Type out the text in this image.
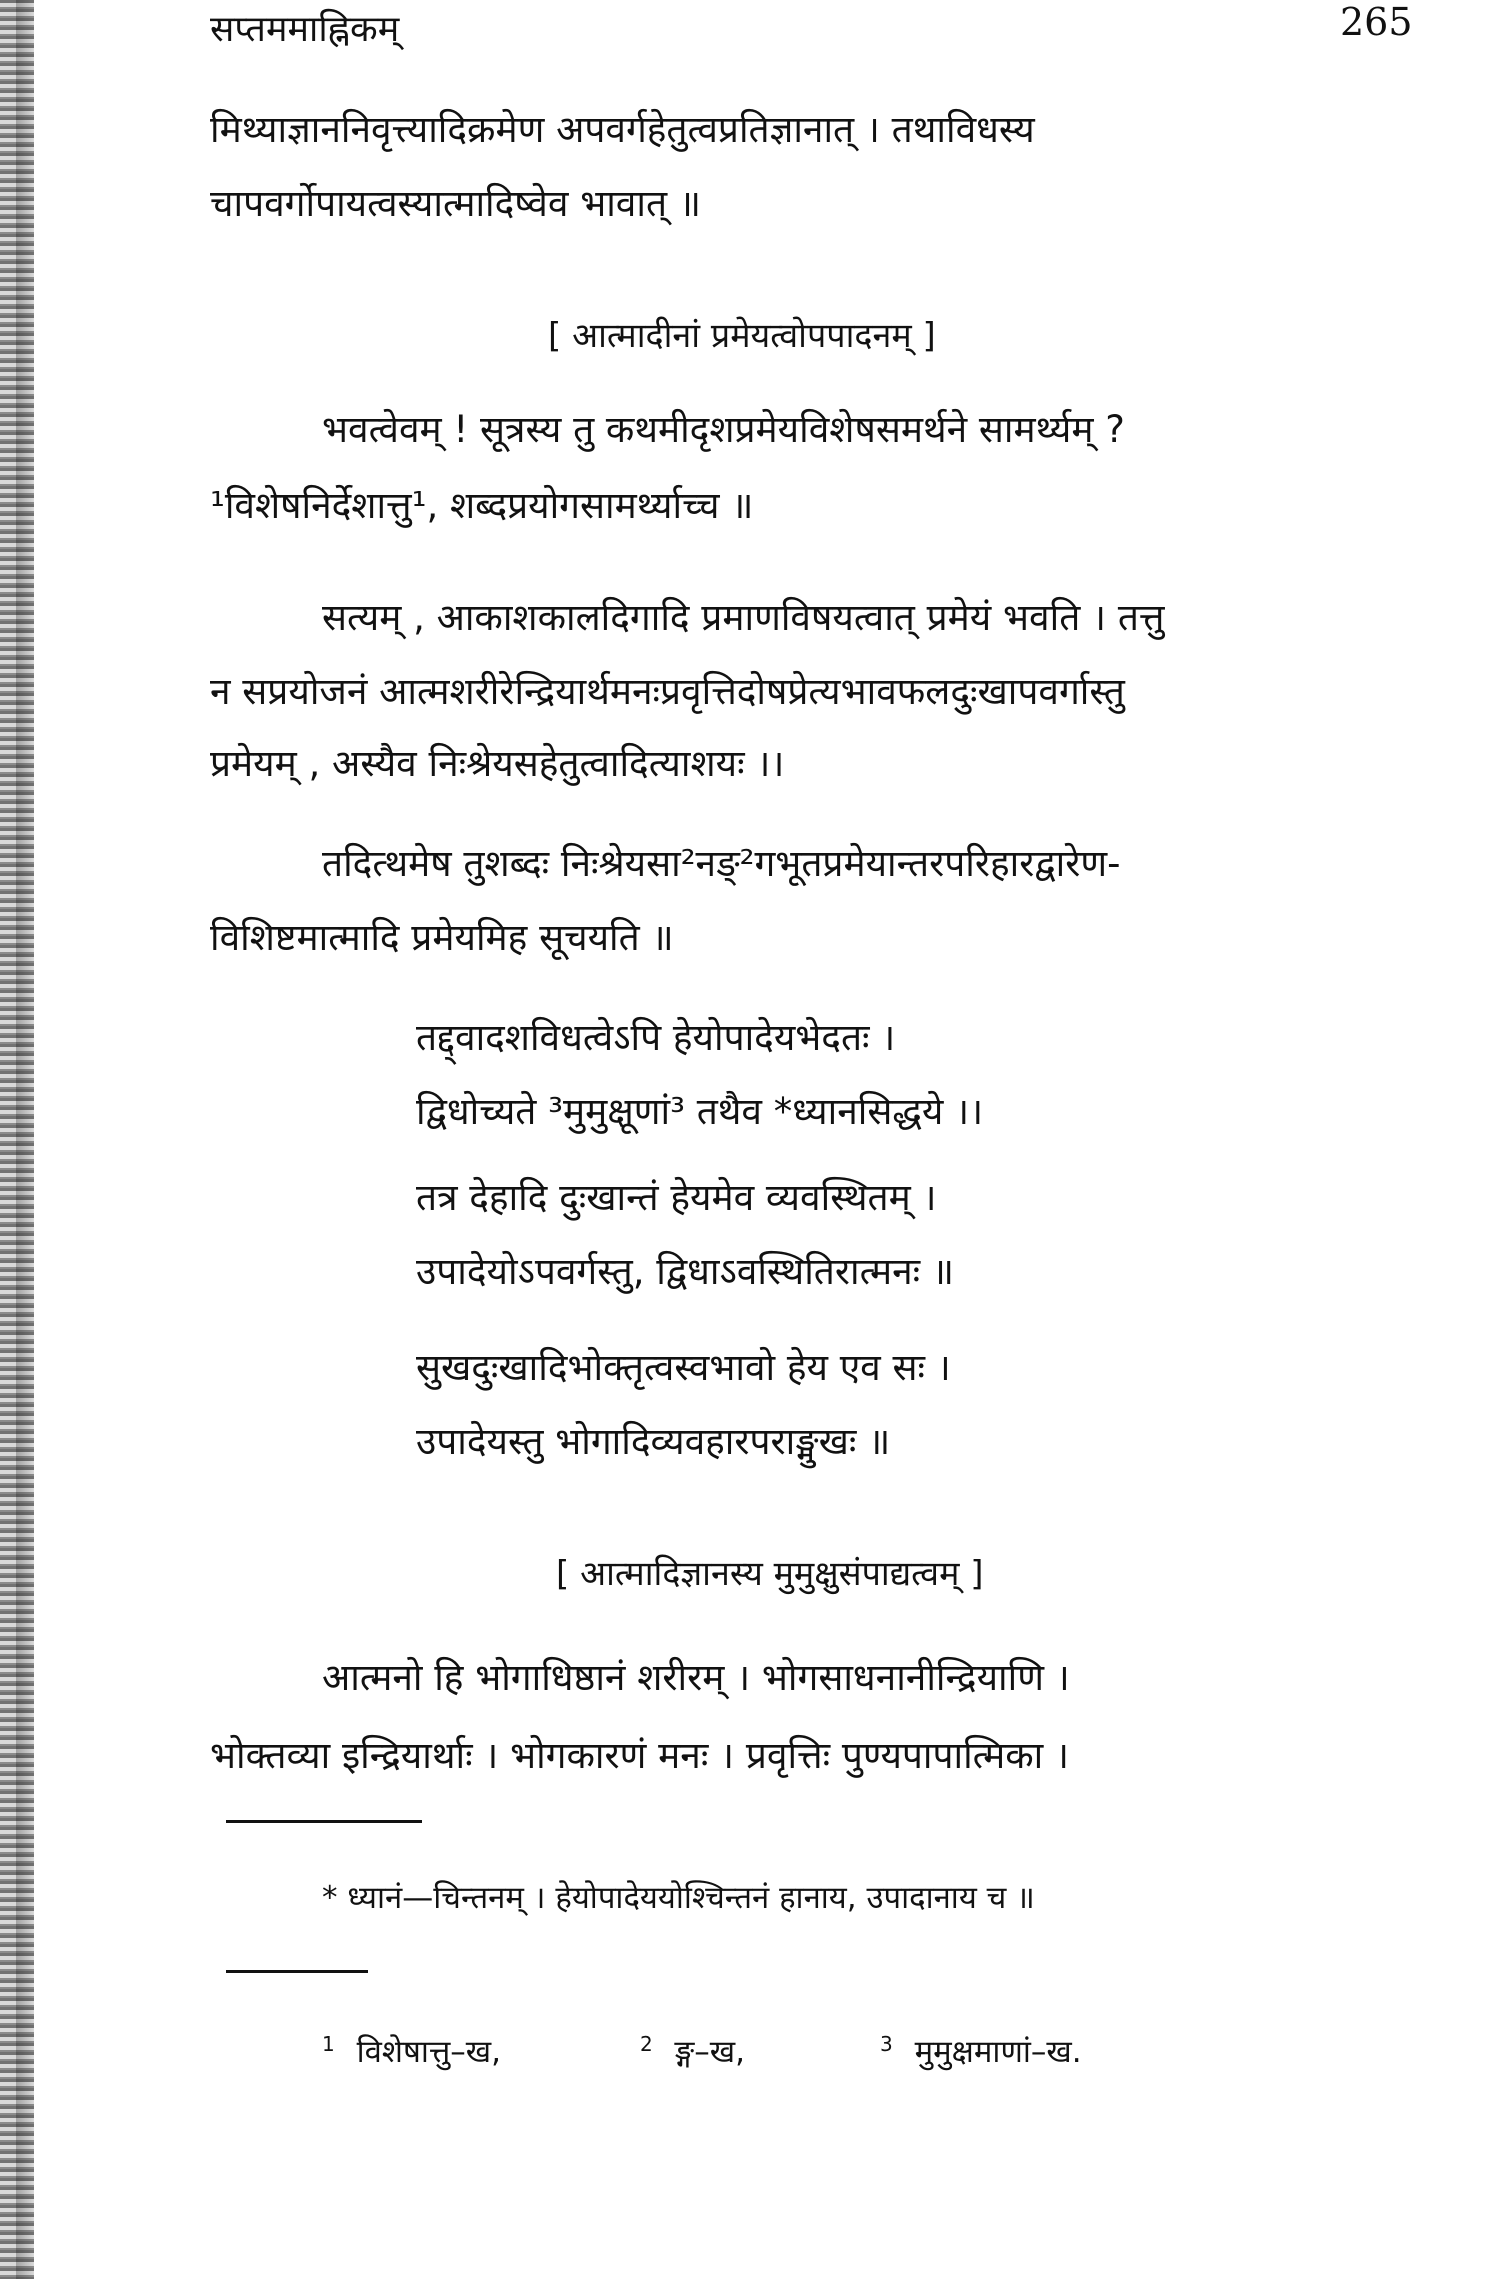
सप्तममाह्निकम्	265
मिथ्याज्ञाननिवृत्त्यादिक्रमेण अपवर्गहेतुत्वप्रतिज्ञानात् । तथाविधस्य
चापवर्गोपायत्वस्यात्मादिष्वेव भावात् ॥
[ आत्मादीनां प्रमेयत्वोपपादनम् ]
भवत्वेवम् ! सूत्रस्य तु कथमीदृशप्रमेयविशेषसमर्थने सामर्थ्यम् ?
¹विशेषनिर्देशात्तु¹, शब्दप्रयोगसामर्थ्याच्च ॥
सत्यम् , आकाशकालदिगादि प्रमाणविषयत्वात् प्रमेयं भवति । तत्तु
न सप्रयोजनं आत्मशरीरेन्द्रियार्थमनःप्रवृत्तिदोषप्रेत्यभावफलदुःखापवर्गास्तु
प्रमेयम् , अस्यैव निःश्रेयसहेतुत्वादित्याशयः ।।
तदित्थमेष तुशब्दः निःश्रेयसा²नङ्²गभूतप्रमेयान्तरपरिहारद्वारेण-
विशिष्टमात्मादि प्रमेयमिह सूचयति ॥
तद्द्वादशविधत्वेऽपि हेयोपादेयभेदतः ।
द्विधोच्यते ³मुमुक्षूणां³ तथैव *ध्यानसिद्धये ।।
तत्र देहादि दुःखान्तं हेयमेव व्यवस्थितम् ।
उपादेयोऽपवर्गस्तु, द्विधाऽवस्थितिरात्मनः ॥
सुखदुःखादिभोक्तृत्वस्वभावो हेय एव सः ।
उपादेयस्तु भोगादिव्यवहारपराङ्मुखः ॥
[ आत्मादिज्ञानस्य मुमुक्षुसंपाद्यत्वम् ]
आत्मनो हि भोगाधिष्ठानं शरीरम् । भोगसाधनानीन्द्रियाणि ।
भोक्तव्या इन्द्रियार्थाः । भोगकारणं मनः । प्रवृत्तिः पुण्यपापात्मिका ।
* ध्यानं—चिन्तनम् । हेयोपादेययोश्चिन्तनं हानाय, उपादानाय च ॥
$^1$ विशेषात्तु–ख,	$^2$ ङ्ग–ख,	$^3$ मुमुक्षमाणां–ख.
